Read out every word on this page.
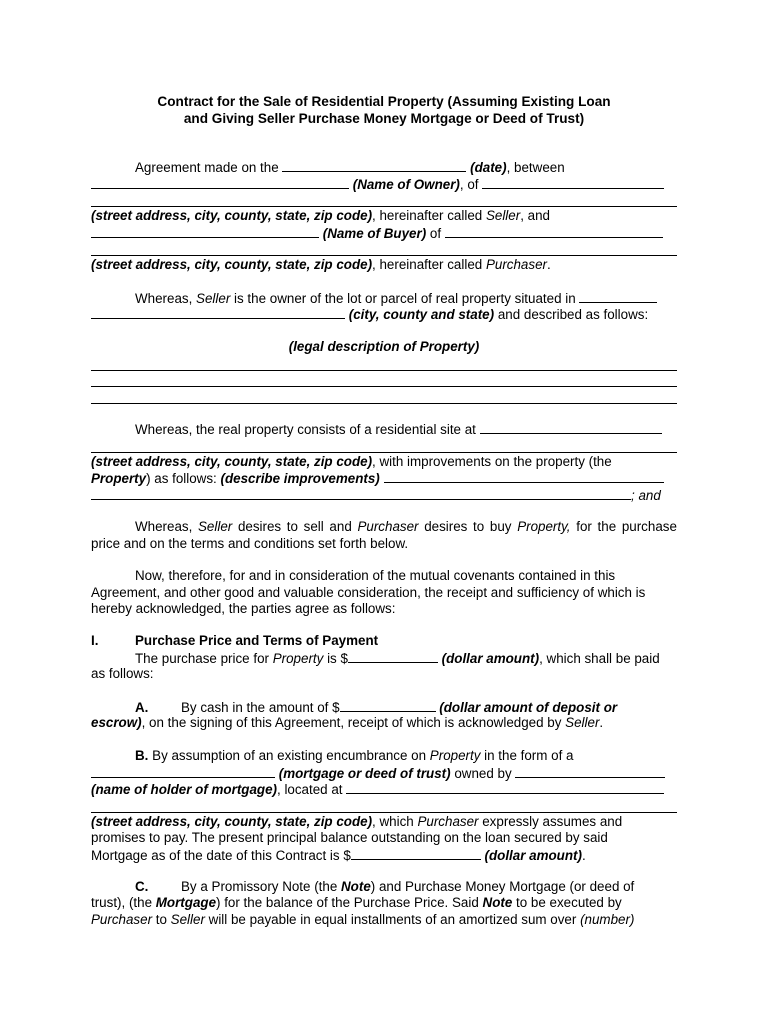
Contract for the Sale of Residential Property (Assuming Existing Loan
and Giving Seller Purchase Money Mortgage or Deed of Trust)
Agreement made on the	(date), between
(Name of Owner), of
(street address, city, county, state, zip code), hereinafter called Seller, and
(Name of Buyer) of
(street address, city, county, state, zip code), hereinafter called Purchaser.
Whereas, Seller is the owner of the lot or parcel of real property situated in
(city, county and state) and described as follows:
(legal description of Property)
Whereas, the real property consists of a residential site at
(street address, city, county, state, zip code), with improvements on the property (the
Property) as follows: (describe improvements)
; and
Whereas, Seller desires to sell and Purchaser desires to buy Property, for the purchase
price and on the terms and conditions set forth below.
Now, therefore, for and in consideration of the mutual covenants contained in this
Agreement, and other good and valuable consideration, the receipt and sufficiency of which is
hereby acknowledged, the parties agree as follows:
I.	Purchase Price and Terms of Payment
The purchase price for Property is $	(dollar amount), which shall be paid
as follows:
A. By cash in the amount of $	(dollar amount of deposit or
escrow), on the signing of this Agreement, receipt of which is acknowledged by Seller.
B. By assumption of an existing encumbrance on Property in the form of a
(mortgage or deed of trust) owned by
(name of holder of mortgage), located at
(street address, city, county, state, zip code), which Purchaser expressly assumes and
promises to pay. The present principal balance outstanding on the loan secured by said
Mortgage as of the date of this Contract is $	(dollar amount).
C. By a Promissory Note (the Note) and Purchase Money Mortgage (or deed of
trust), (the Mortgage) for the balance of the Purchase Price. Said Note to be executed by
Purchaser to Seller will be payable in equal installments of an amortized sum over (number)
